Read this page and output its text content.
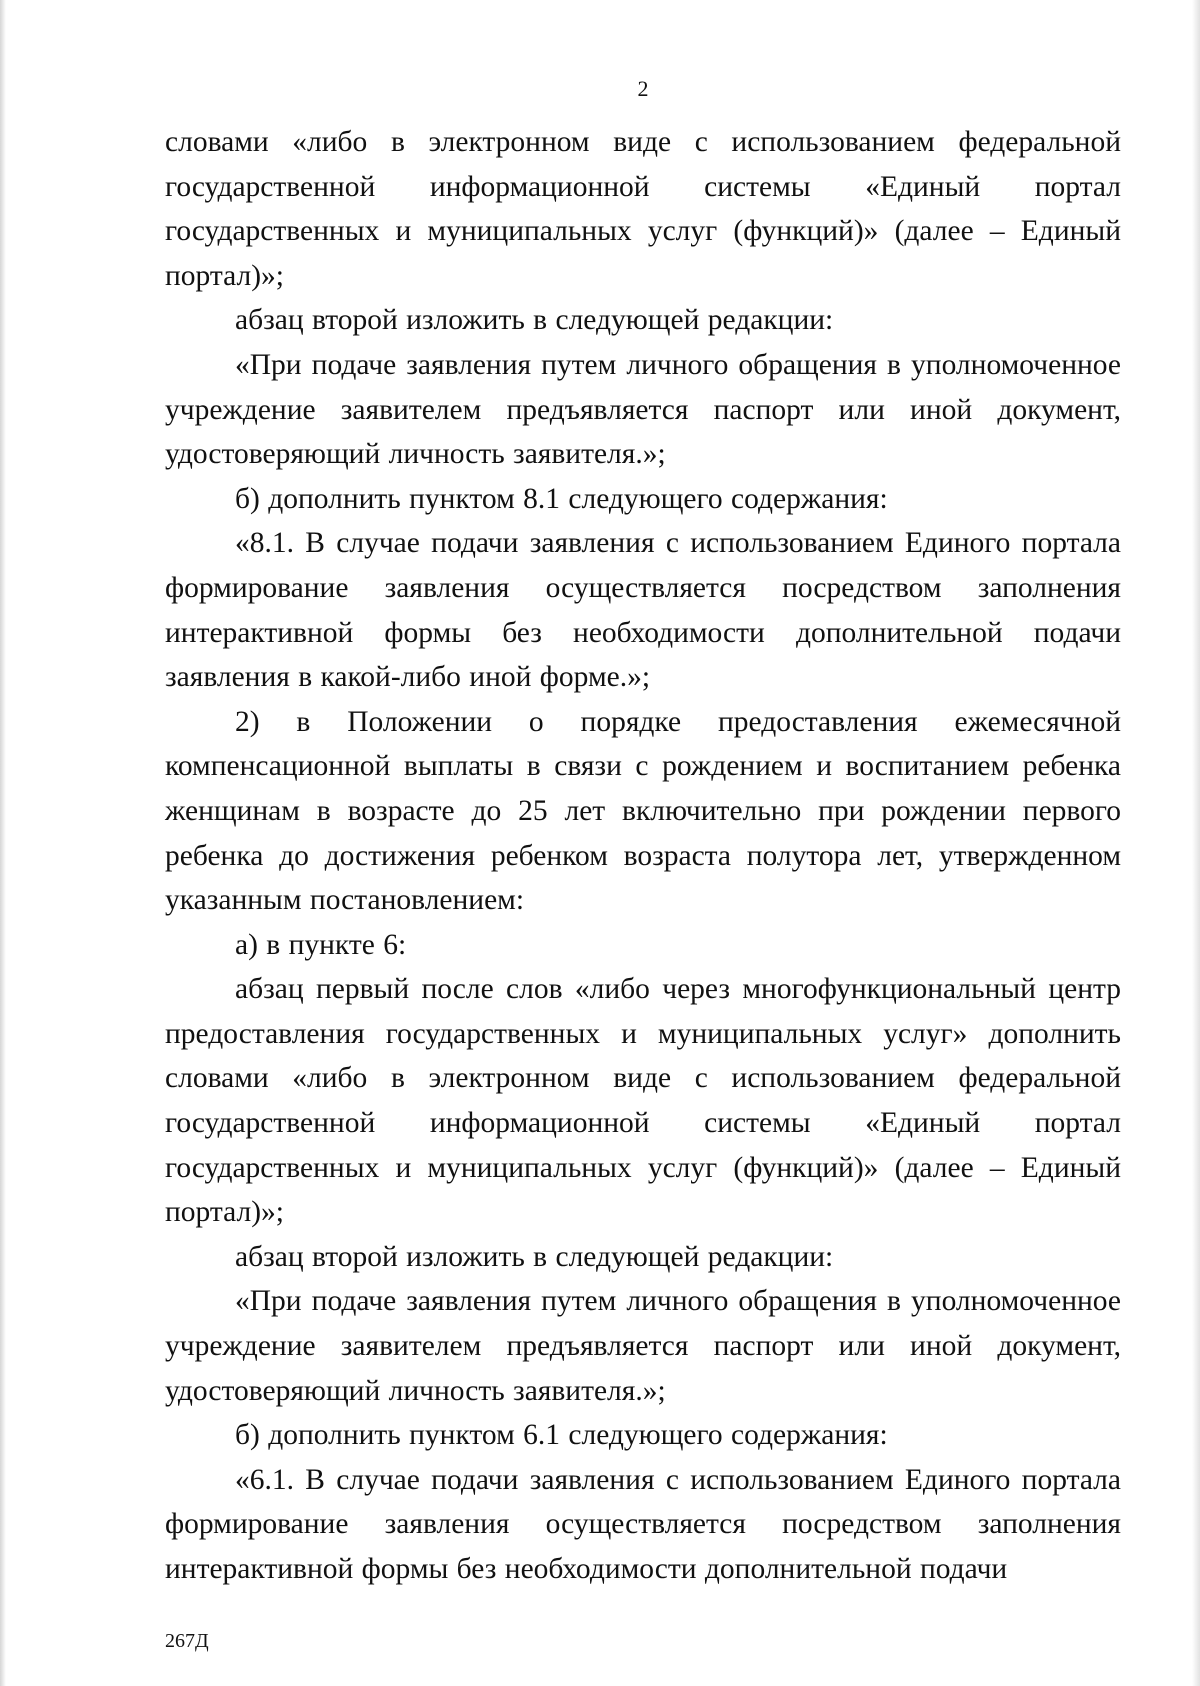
2

словами «либо в электронном виде с использованием федеральной государственной информационной системы «Единый портал государственных и муниципальных услуг (функций)» (далее – Единый портал)»;

абзац второй изложить в следующей редакции:

«При подаче заявления путем личного обращения в уполномоченное учреждение заявителем предъявляется паспорт или иной документ, удостоверяющий личность заявителя.»;

б) дополнить пунктом 8.1 следующего содержания:

«8.1. В случае подачи заявления с использованием Единого портала формирование заявления осуществляется посредством заполнения интерактивной формы без необходимости дополнительной подачи заявления в какой-либо иной форме.»;

2) в Положении о порядке предоставления ежемесячной компенсационной выплаты в связи с рождением и воспитанием ребенка женщинам в возрасте до 25 лет включительно при рождении первого ребенка до достижения ребенком возраста полутора лет, утвержденном указанным постановлением:

а) в пункте 6:

абзац первый после слов «либо через многофункциональный центр предоставления государственных и муниципальных услуг» дополнить словами «либо в электронном виде с использованием федеральной государственной информационной системы «Единый портал государственных и муниципальных услуг (функций)» (далее – Единый портал)»;

абзац второй изложить в следующей редакции:

«При подаче заявления путем личного обращения в уполномоченное учреждение заявителем предъявляется паспорт или иной документ, удостоверяющий личность заявителя.»;

б) дополнить пунктом 6.1 следующего содержания:

«6.1. В случае подачи заявления с использованием Единого портала формирование заявления осуществляется посредством заполнения интерактивной формы без необходимости дополнительной подачи

267Д
